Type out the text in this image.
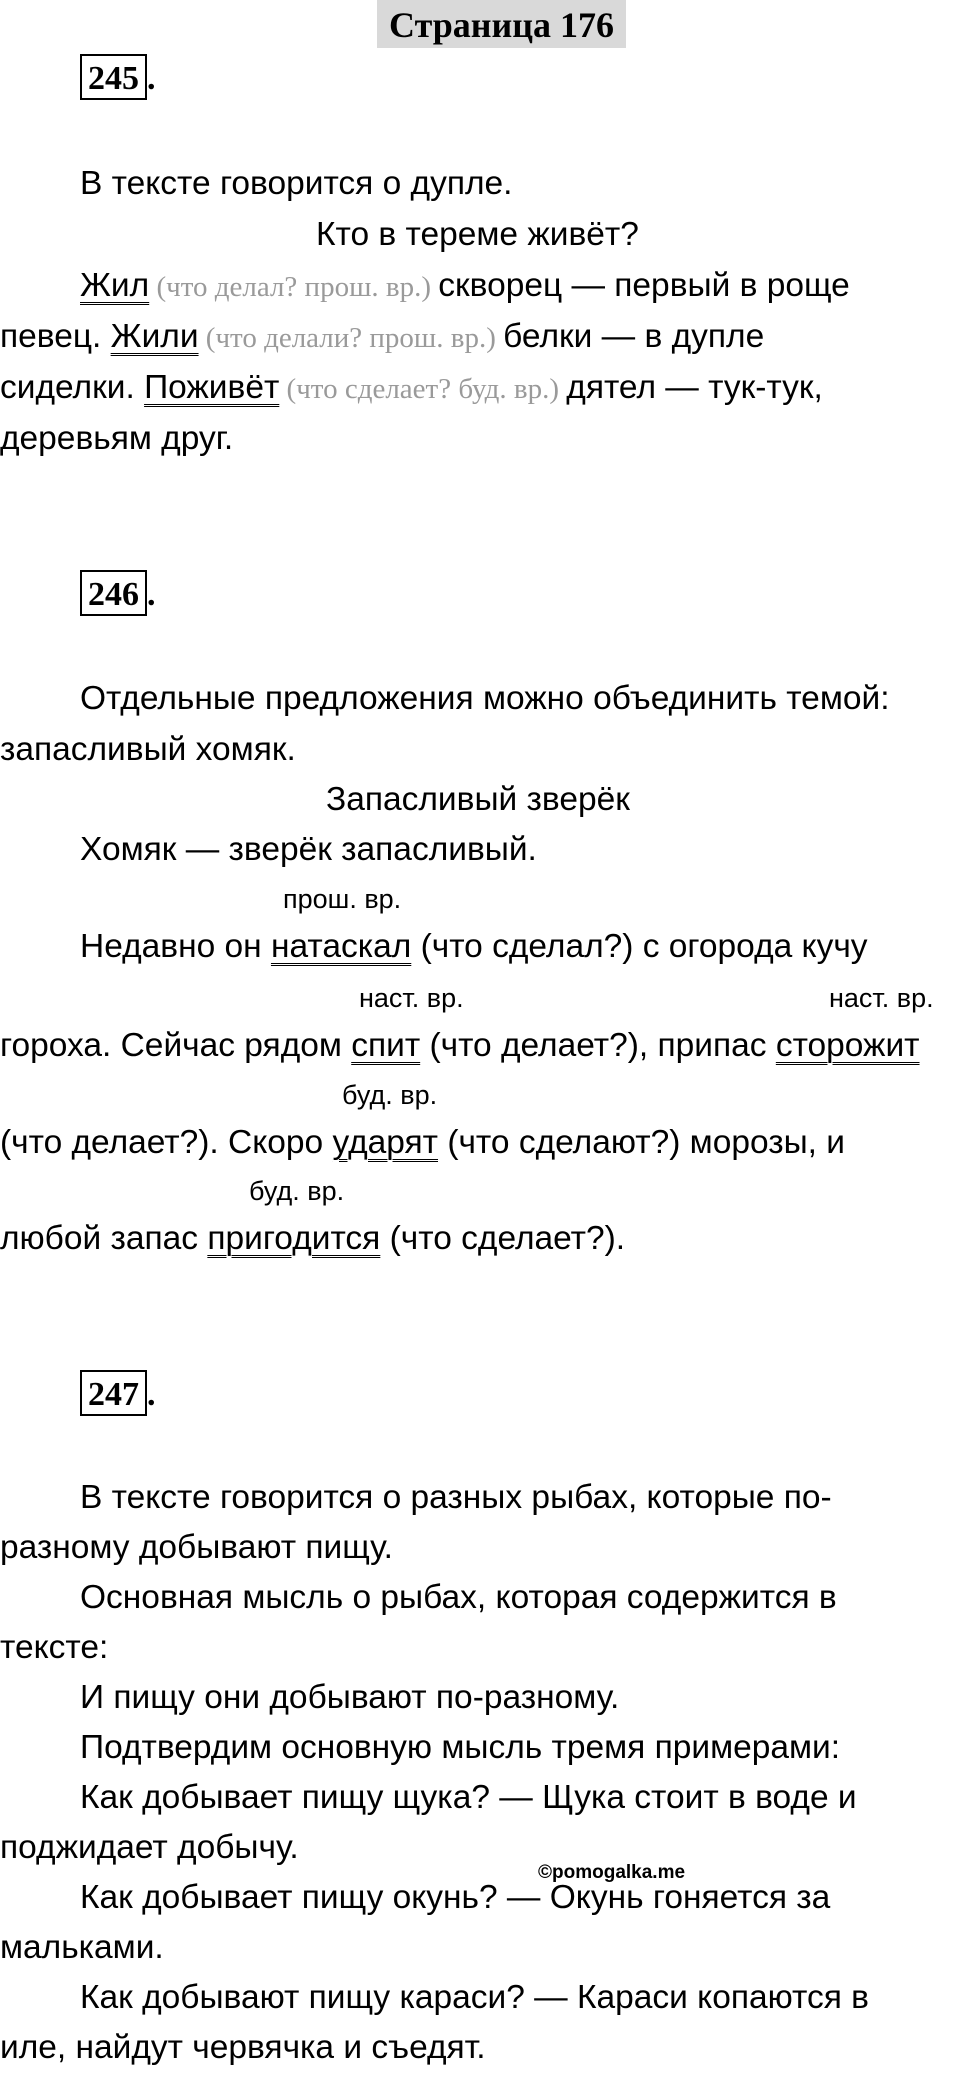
Страница 176
245 .
В тексте говорится о дупле.
Кто в тереме живёт?
Жил (что делал? прош. вр.) скворец — первый в роще
певец. Жили (что делали? прош. вр.) белки — в дупле
сиделки. Поживёт (что сделает? буд. вр.) дятел — тук-тук,
деревьям друг.
246 .
Отдельные предложения можно объединить темой:
запасливый хомяк.
Запасливый зверёк
Хомяк — зверёк запасливый.
прош. вр.
Недавно он натаскал (что сделал?) с огорода кучу
наст. вр.	наст. вр.
гороха. Сейчас рядом спит (что делает?), припас сторожит
буд. вр.
(что делает?). Скоро ударят (что сделают?) морозы, и
буд. вр.
любой запас пригодится (что сделает?).
247 .
В тексте говорится о разных рыбах, которые по-
разному добывают пищу.
Основная мысль о рыбах, которая содержится в
тексте:
И пищу они добывают по-разному.
Подтвердим основную мысль тремя примерами:
Как добывает пищу щука? — Щука стоит в воде и
поджидает добычу.
©pomogalka.me
Как добывает пищу окунь? — Окунь гоняется за
мальками.
Как добывают пищу караси? — Караси копаются в
иле, найдут червячка и съедят.
